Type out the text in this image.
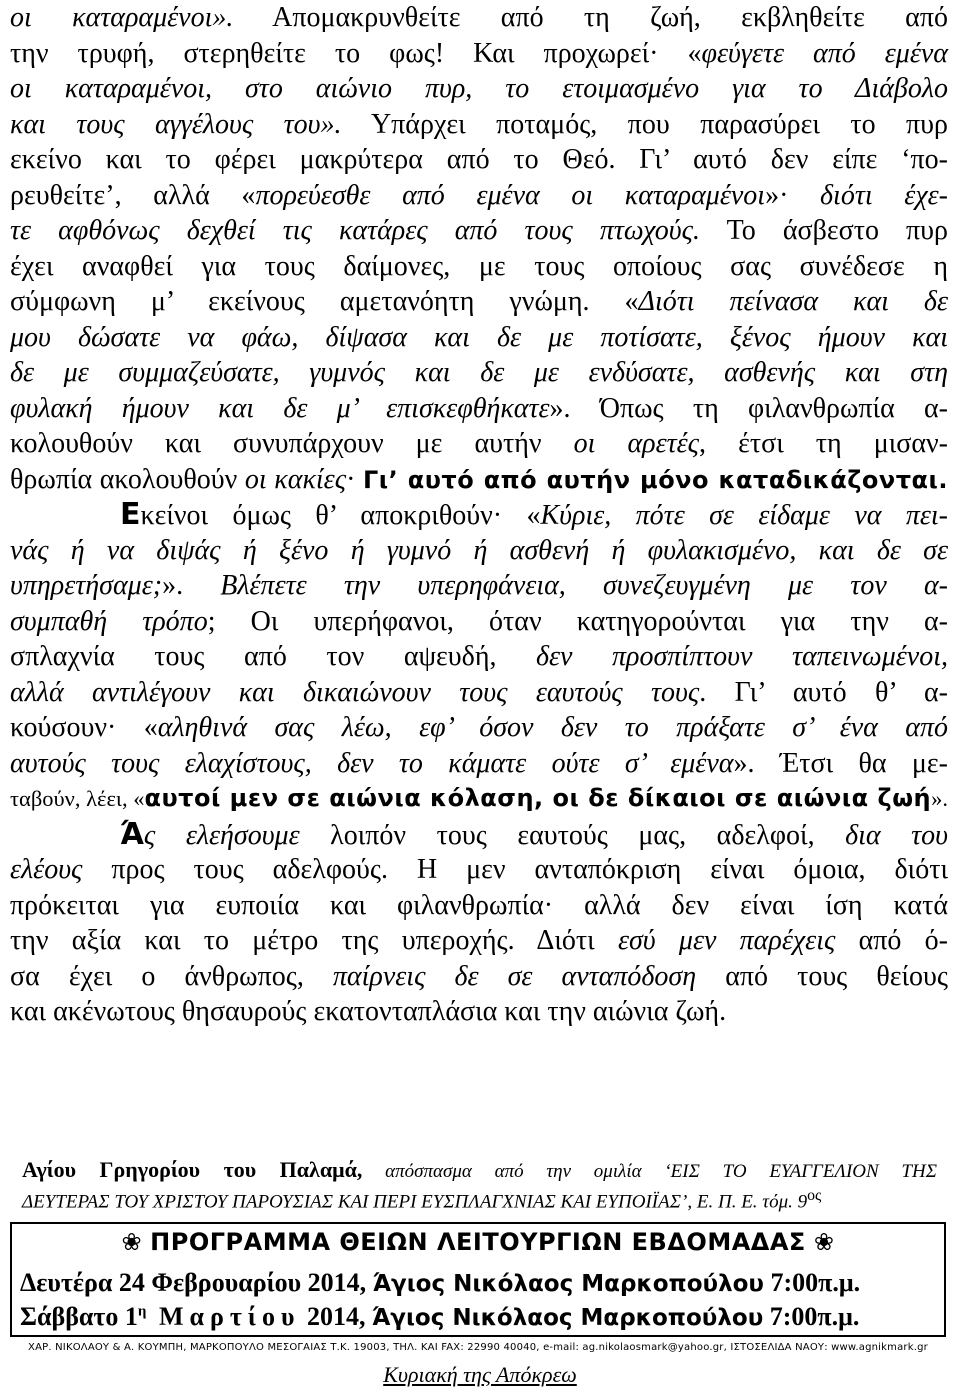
οι καταραμένοι». Απομακρυνθείτε από τη ζωή, εκβληθείτε από
την τρυφή, στερηθείτε το φως! Και προχωρεί· «φεύγετε από εμένα
οι καταραμένοι, στο αιώνιο πυρ, το ετοιμασμένο για το Διάβολο
και τους αγγέλους του». Υπάρχει ποταμός, που παρασύρει το πυρ
εκείνο και το φέρει μακρύτερα από το Θεό. Γι’ αυτό δεν είπε ‘πο-
ρευθείτε’, αλλά «πορεύεσθε από εμένα οι καταραμένοι»· διότι έχε-
τε αφθόνως δεχθεί τις κατάρες από τους πτωχούς. Το άσβεστο πυρ
έχει αναφθεί για τους δαίμονες, με τους οποίους σας συνέδεσε η
σύμφωνη μ’ εκείνους αμετανόητη γνώμη. «Διότι πείνασα και δε
μου δώσατε να φάω, δίψασα και δε με ποτίσατε, ξένος ήμουν και
δε με συμμαζεύσατε, γυμνός και δε με ενδύσατε, ασθενής και στη
φυλακή ήμουν και δε μ’ επισκεφθήκατε». Όπως τη φιλανθρωπία α-
κολουθούν και συνυπάρχουν με αυτήν οι αρετές, έτσι τη μισαν-
θρωπία ακολουθούν οι κακίες· Γι’ αυτό από αυτήν μόνο καταδικάζονται.
Εκείνοι όμως θ’ αποκριθούν· «Κύριε, πότε σε είδαμε να πει-
νάς ή να διψάς ή ξένο ή γυμνό ή ασθενή ή φυλακισμένο, και δε σε
υπηρετήσαμε;». Βλέπετε την υπερηφάνεια, συνεζευγμένη με τον α-
συμπαθή τρόπο; Οι υπερήφανοι, όταν κατηγορούνται για την α-
σπλαχνία τους από τον αψευδή, δεν προσπίπτουν ταπεινωμένοι,
αλλά αντιλέγουν και δικαιώνουν τους εαυτούς τους. Γι’ αυτό θ’ α-
κούσουν· «αληθινά σας λέω, εφ’ όσον δεν το πράξατε σ’ ένα από
αυτούς τους ελαχίστους, δεν το κάματε ούτε σ’ εμένα». Έτσι θα με-
ταβούν, λέει, «αυτοί μεν σε αιώνια κόλαση, οι δε δίκαιοι σε αιώνια ζωή».
Άς ελεήσουμε λοιπόν τους εαυτούς μας, αδελφοί, δια του
ελέους προς τους αδελφούς. Η μεν ανταπόκριση είναι όμοια, διότι
πρόκειται για ευποιία και φιλανθρωπία· αλλά δεν είναι ίση κατά
την αξία και το μέτρο της υπεροχής. Διότι εσύ μεν παρέχεις από ό-
σα έχει ο άνθρωπος, παίρνεις δε σε ανταπόδοση από τους θείους
και ακένωτους θησαυρούς εκατονταπλάσια και την αιώνια ζωή.
Αγίου Γρηγορίου του Παλαμά, απόσπασμα από την ομιλία ‘ΕΙΣ ΤΟ ΕΥΑΓΓΕΛΙΟΝ ΤΗΣ
ΔΕΥΤΕΡΑΣ ΤΟΥ ΧΡΙΣΤΟΥ ΠΑΡΟΥΣΙΑΣ ΚΑΙ ΠΕΡΙ ΕΥΣΠΛΑΓΧΝΙΑΣ ΚΑΙ ΕΥΠΟΙΪΑΣ’, Ε. Π. Ε. τόμ. $9^{o\varsigma}$
❀ ΠΡΟΓΡΑΜΜΑ ΘΕΙΩΝ ΛΕΙΤΟΥΡΓΙΩΝ ΕΒΔΟΜΑΔΑΣ ❀
Δευτέρα 24 Φεβρουαρίου 2014, Άγιος Νικόλαος Μαρκοπούλου 7:00π.μ.
Σάββατο $1^\eta$ Μαρτίου 2014, Άγιος Νικόλαος Μαρκοπούλου 7:00π.μ.
ΧΑΡ. ΝΙΚΟΛΑΟΥ & Α. ΚΟΥΜΠΗ, ΜΑΡΚΟΠΟΥΛΟ ΜΕΣΟΓΑΙΑΣ Τ.Κ. 19003, ΤΗΛ. ΚΑΙ FAX: 22990 40040, e-mail: ag.nikolaosmark@yahoo.gr, ΙΣΤΟΣΕΛΙΔΑ ΝΑΟΥ: www.agnikmark.gr
Κυριακή της Απόκρεω
